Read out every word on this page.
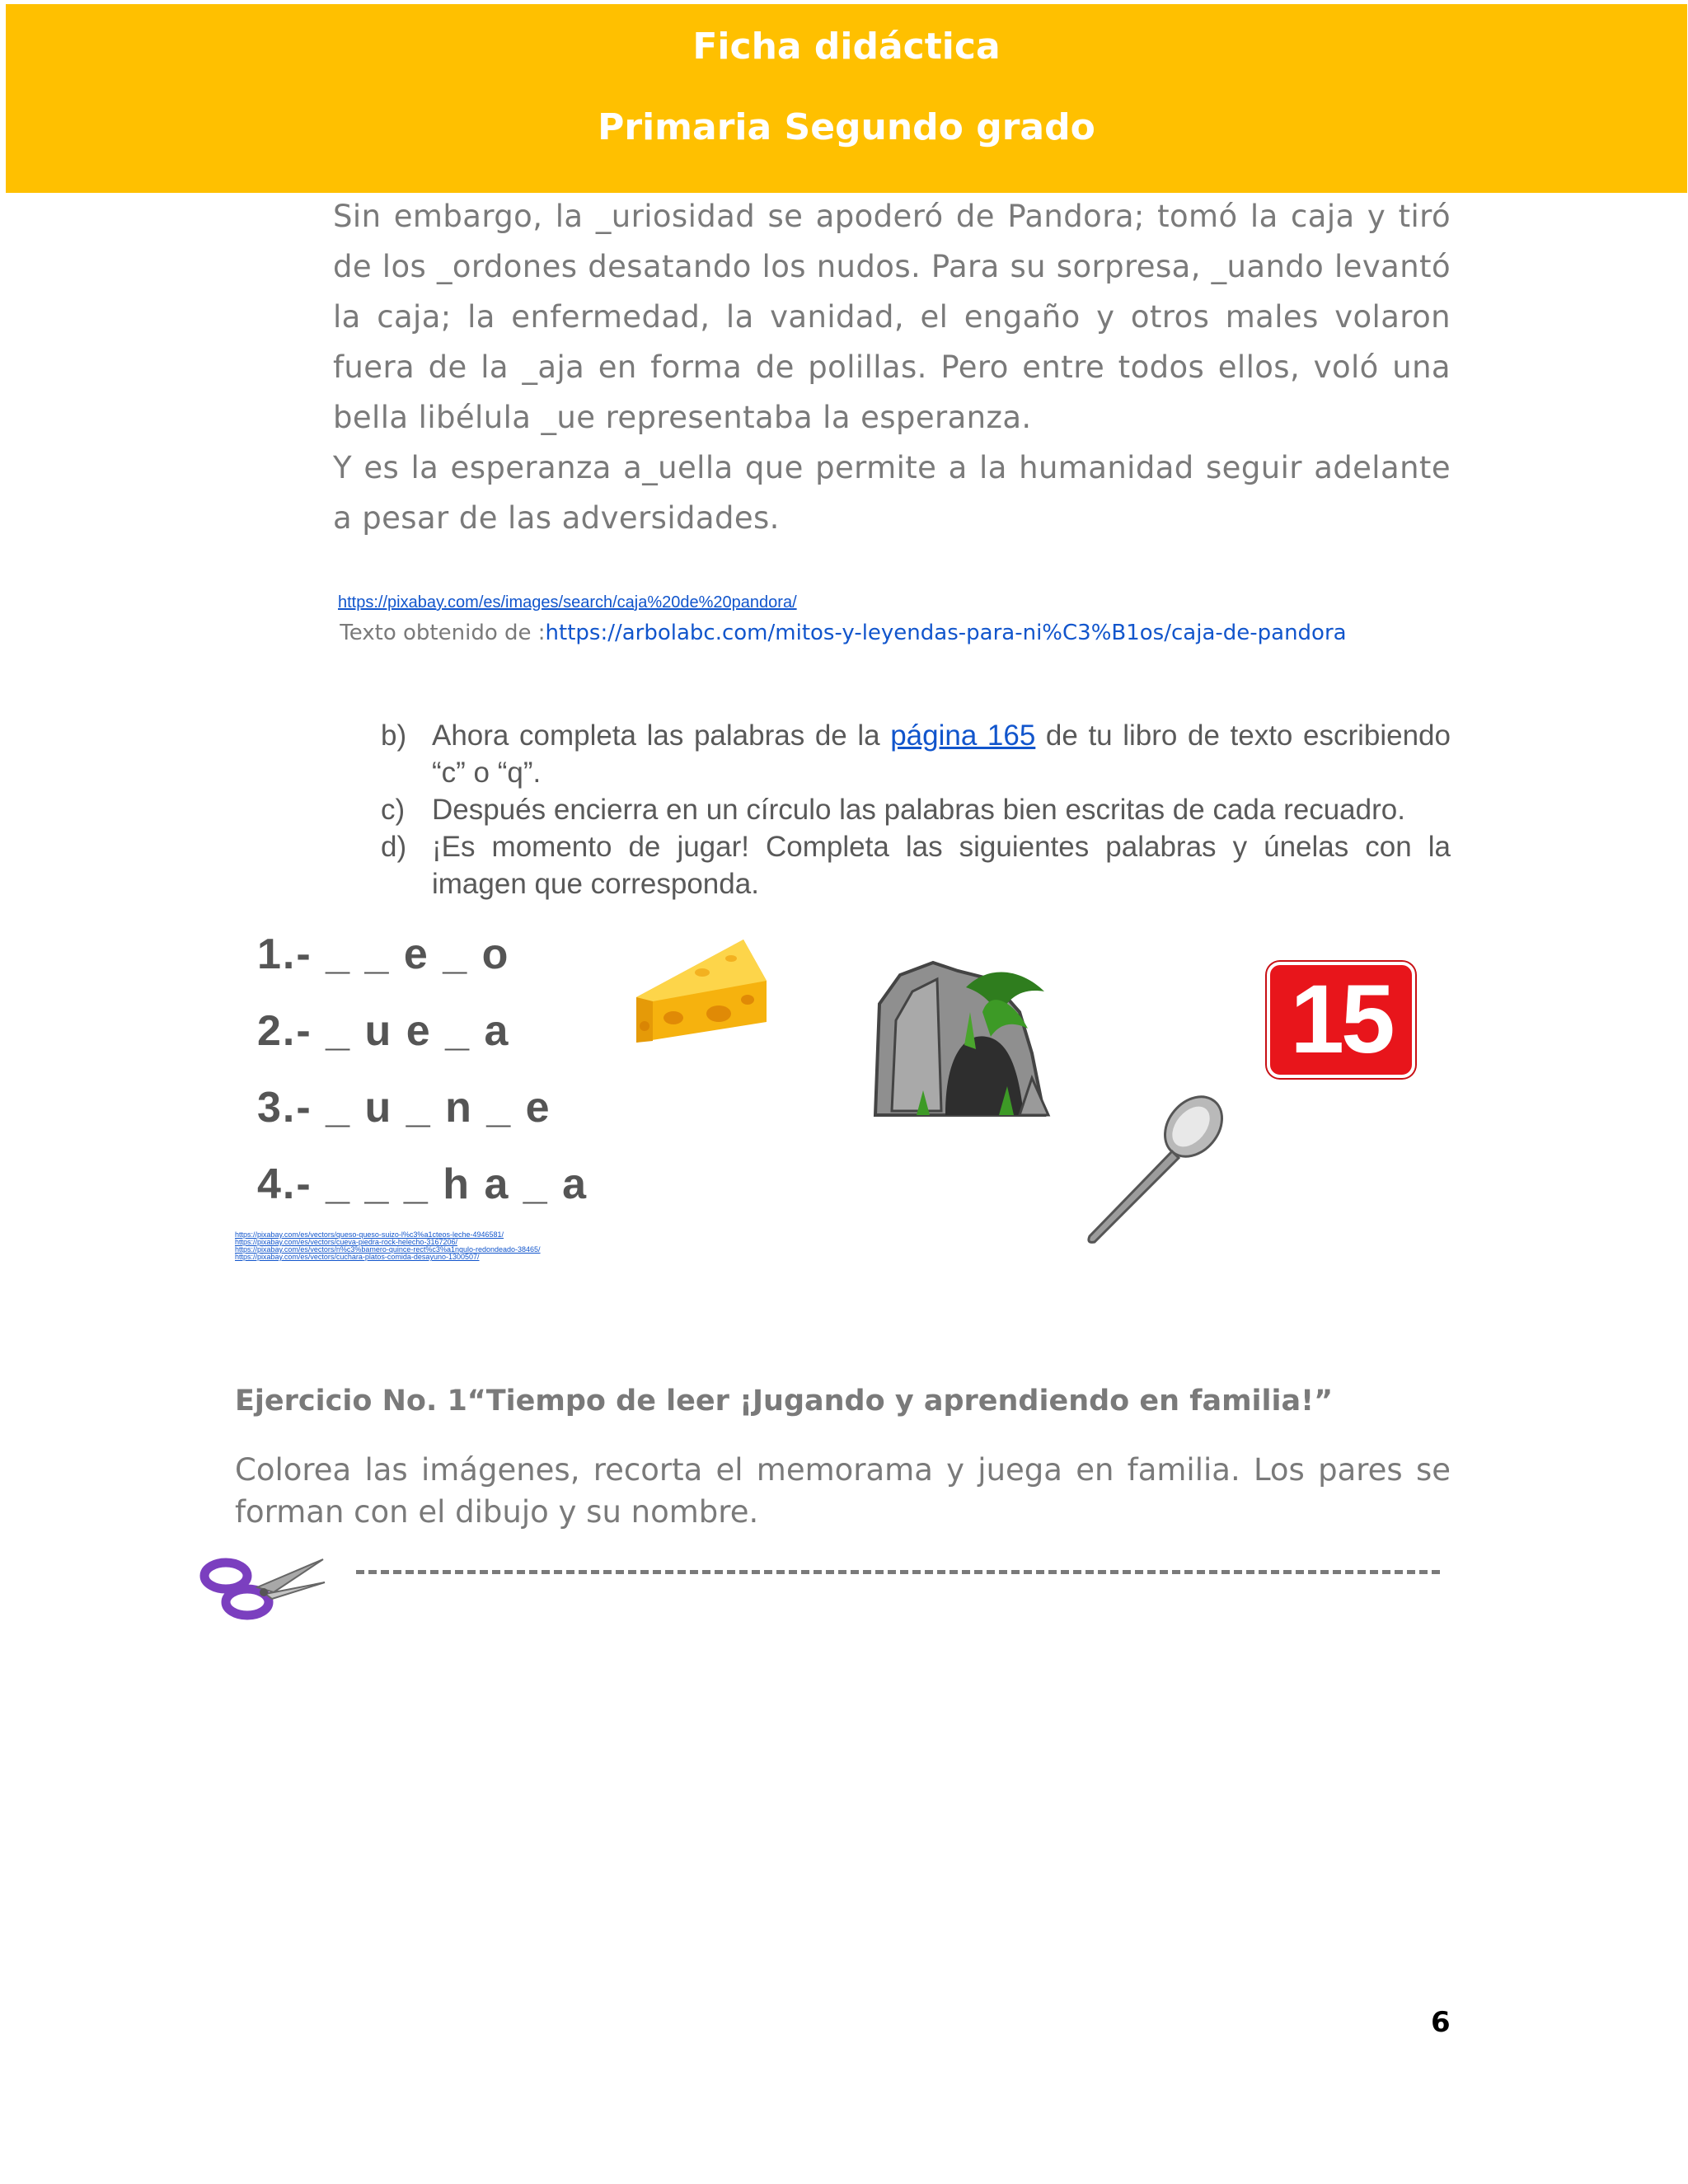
Ficha didáctica
Primaria Segundo grado

Sin embargo, la _uriosidad se apoderó de Pandora; tomó la caja y tiró de los _ordones desatando los nudos. Para su sorpresa, _uando levantó la caja; la enfermedad, la vanidad, el engaño y otros males volaron fuera de la _aja en forma de polillas. Pero entre todos ellos, voló una bella libélula _ue representaba la esperanza.

Y es la esperanza a_uella que permite a la humanidad seguir adelante a pesar de las adversidades.

https://pixabay.com/es/images/search/caja%20de%20pandora/
Texto obtenido de :https://arbolabc.com/mitos-y-leyendas-para-ni%C3%B1os/caja-de-pandora
b) Ahora completa las palabras de la página 165 de tu libro de texto escribiendo “c” o “q”.
c) Después encierra en un círculo las palabras bien escritas de cada recuadro.
d) ¡Es momento de jugar! Completa las siguientes palabras y únelas con la imagen que corresponda.
1.- _ _ e _ o
2.- _ u e _ a
3.- _ u _ n _ e
4.- _ _ _ h a _ a
15
https://pixabay.com/es/vectors/queso-queso-suizo-l%c3%a1cteos-leche-4946581/
https://pixabay.com/es/vectors/cueva-piedra-rock-helecho-3167206/
https://pixabay.com/es/vectors/n%c3%bamero-quince-rect%c3%a1ngulo-redondeado-38465/
https://pixabay.com/es/vectors/cuchara-platos-comida-desayuno-1300507/
Ejercicio No. 1“Tiempo de leer ¡Jugando y aprendiendo en familia!”
Colorea las imágenes, recorta el memorama y juega en familia. Los pares se forman con el dibujo y su nombre.
6
